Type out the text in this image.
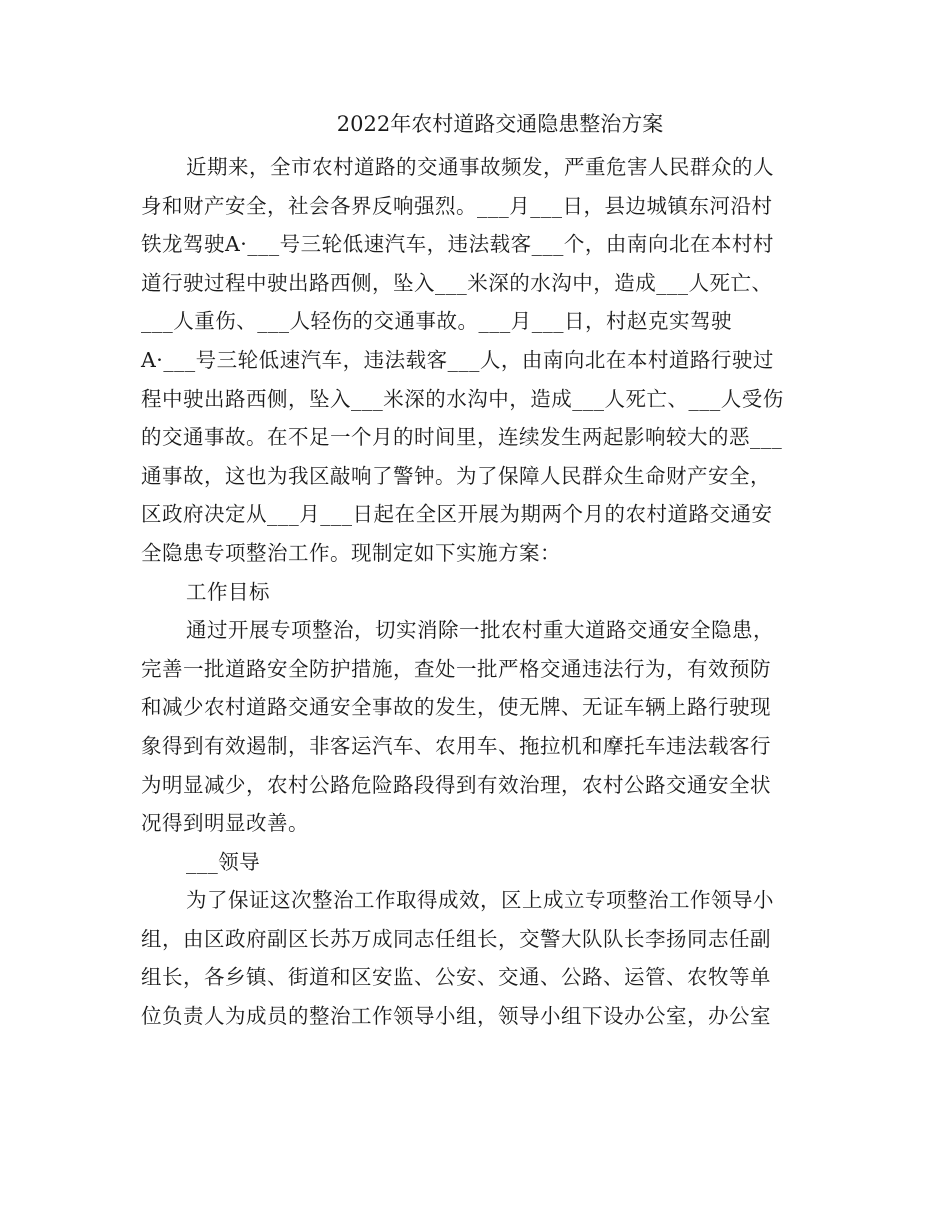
2022年农村道路交通隐患整治方案
近期来，全市农村道路的交通事故频发，严重危害人民群众的人
身和财产安全，社会各界反响强烈。___月___日，县边城镇东河沿村
铁龙驾驶A·___号三轮低速汽车，违法载客___个，由南向北在本村村
道行驶过程中驶出路西侧，坠入___米深的水沟中，造成___人死亡、
___人重伤、___人轻伤的交通事故。___月___日，村赵克实驾驶
A·___号三轮低速汽车，违法载客___人，由南向北在本村道路行驶过
程中驶出路西侧，坠入___米深的水沟中，造成___人死亡、___人受伤
的交通事故。在不足一个月的时间里，连续发生两起影响较大的恶___
通事故，这也为我区敲响了警钟。为了保障人民群众生命财产安全，
区政府决定从___月___日起在全区开展为期两个月的农村道路交通安
全隐患专项整治工作。现制定如下实施方案：
工作目标
通过开展专项整治，切实消除一批农村重大道路交通安全隐患，
完善一批道路安全防护措施，查处一批严格交通违法行为，有效预防
和减少农村道路交通安全事故的发生，使无牌、无证车辆上路行驶现
象得到有效遏制，非客运汽车、农用车、拖拉机和摩托车违法载客行
为明显减少，农村公路危险路段得到有效治理，农村公路交通安全状
况得到明显改善。
___领导
为了保证这次整治工作取得成效，区上成立专项整治工作领导小
组，由区政府副区长苏万成同志任组长，交警大队队长李扬同志任副
组长，各乡镇、街道和区安监、公安、交通、公路、运管、农牧等单
位负责人为成员的整治工作领导小组，领导小组下设办公室，办公室
